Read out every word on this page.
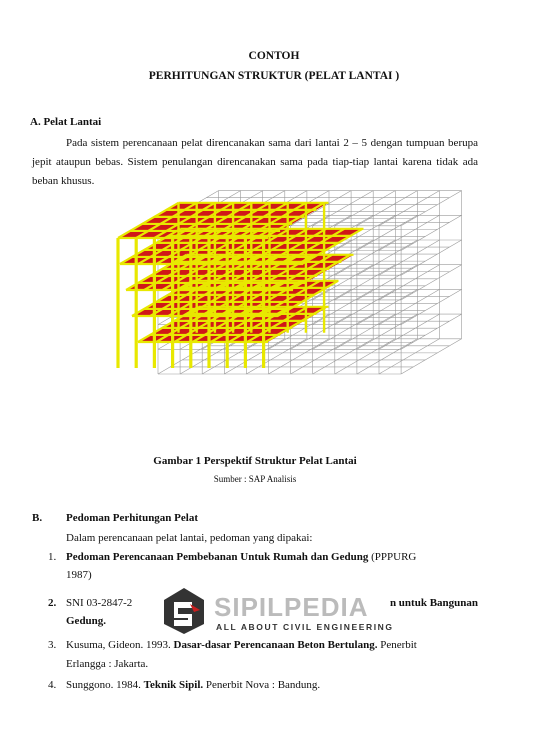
CONTOH
PERHITUNGAN STRUKTUR (PELAT LANTAI )
A. Pelat Lantai
Pada sistem perencanaan pelat direncanakan sama dari lantai 2 – 5 dengan tumpuan berupa jepit ataupun bebas. Sistem penulangan direncanakan sama pada tiap-tiap lantai karena tidak ada beban khusus.
Gambar 1 Perspektif Struktur Pelat Lantai
Sumber : SAP Analisis
B. Pedoman Perhitungan Pelat
Dalam perencanaan pelat lantai, pedoman yang dipakai:
1. Pedoman Perencanaan Pembebanan Untuk Rumah dan Gedung (PPPURG
1987)
2. SNI 03-2847-2	n untuk Bangunan
Gedung.
3. Kusuma, Gideon. 1993. Dasar-dasar Perencanaan Beton Bertulang. Penerbit
Erlangga : Jakarta.
4. Sunggono. 1984. Teknik Sipil. Penerbit Nova : Bandung.
SIPILPEDIA
ALL ABOUT CIVIL ENGINEERING
